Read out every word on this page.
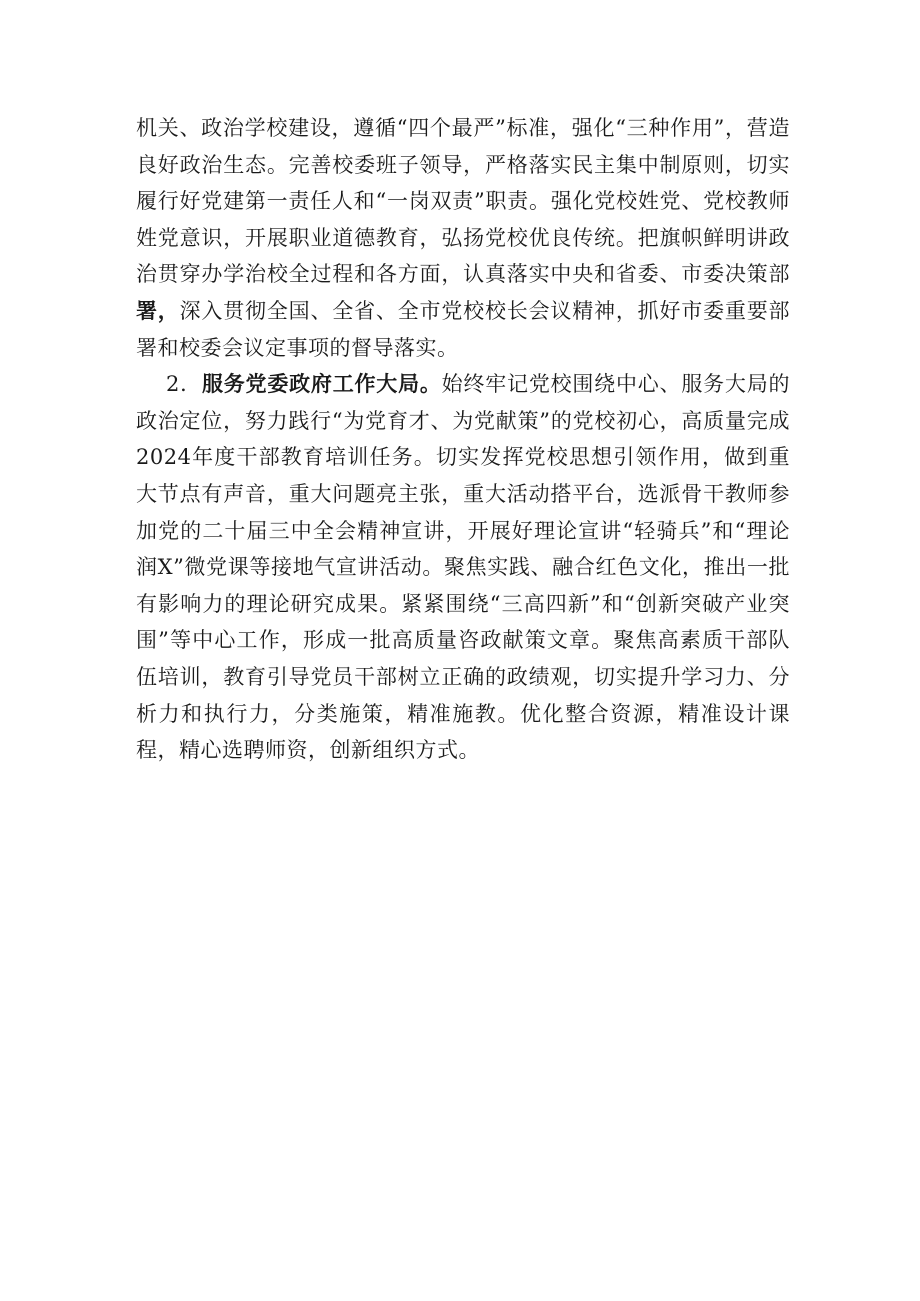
机关、政治学校建设，遵循“四个最严”标准，强化“三种作用”，营造良好政治生态。完善校委班子领导，严格落实民主集中制原则，切实履行好党建第一责任人和“一岗双责”职责。强化党校姓党、党校教师姓党意识，开展职业道德教育，弘扬党校优良传统。把旗帜鲜明讲政治贯穿办学治校全过程和各方面，认真落实中央和省委、市委决策部署，深入贯彻全国、全省、全市党校校长会议精神，抓好市委重要部署和校委会议定事项的督导落实。

2．服务党委政府工作大局。始终牢记党校围绕中心、服务大局的政治定位，努力践行“为党育才、为党献策”的党校初心，高质量完成2024年度干部教育培训任务。切实发挥党校思想引领作用，做到重大节点有声音，重大问题亮主张，重大活动搭平台，选派骨干教师参加党的二十届三中全会精神宣讲，开展好理论宣讲“轻骑兵”和“理论润X”微党课等接地气宣讲活动。聚焦实践、融合红色文化，推出一批有影响力的理论研究成果。紧紧围绕“三高四新”和“创新突破产业突围”等中心工作，形成一批高质量咨政献策文章。聚焦高素质干部队伍培训，教育引导党员干部树立正确的政绩观，切实提升学习力、分析力和执行力，分类施策，精准施教。优化整合资源，精准设计课程，精心选聘师资，创新组织方式。
